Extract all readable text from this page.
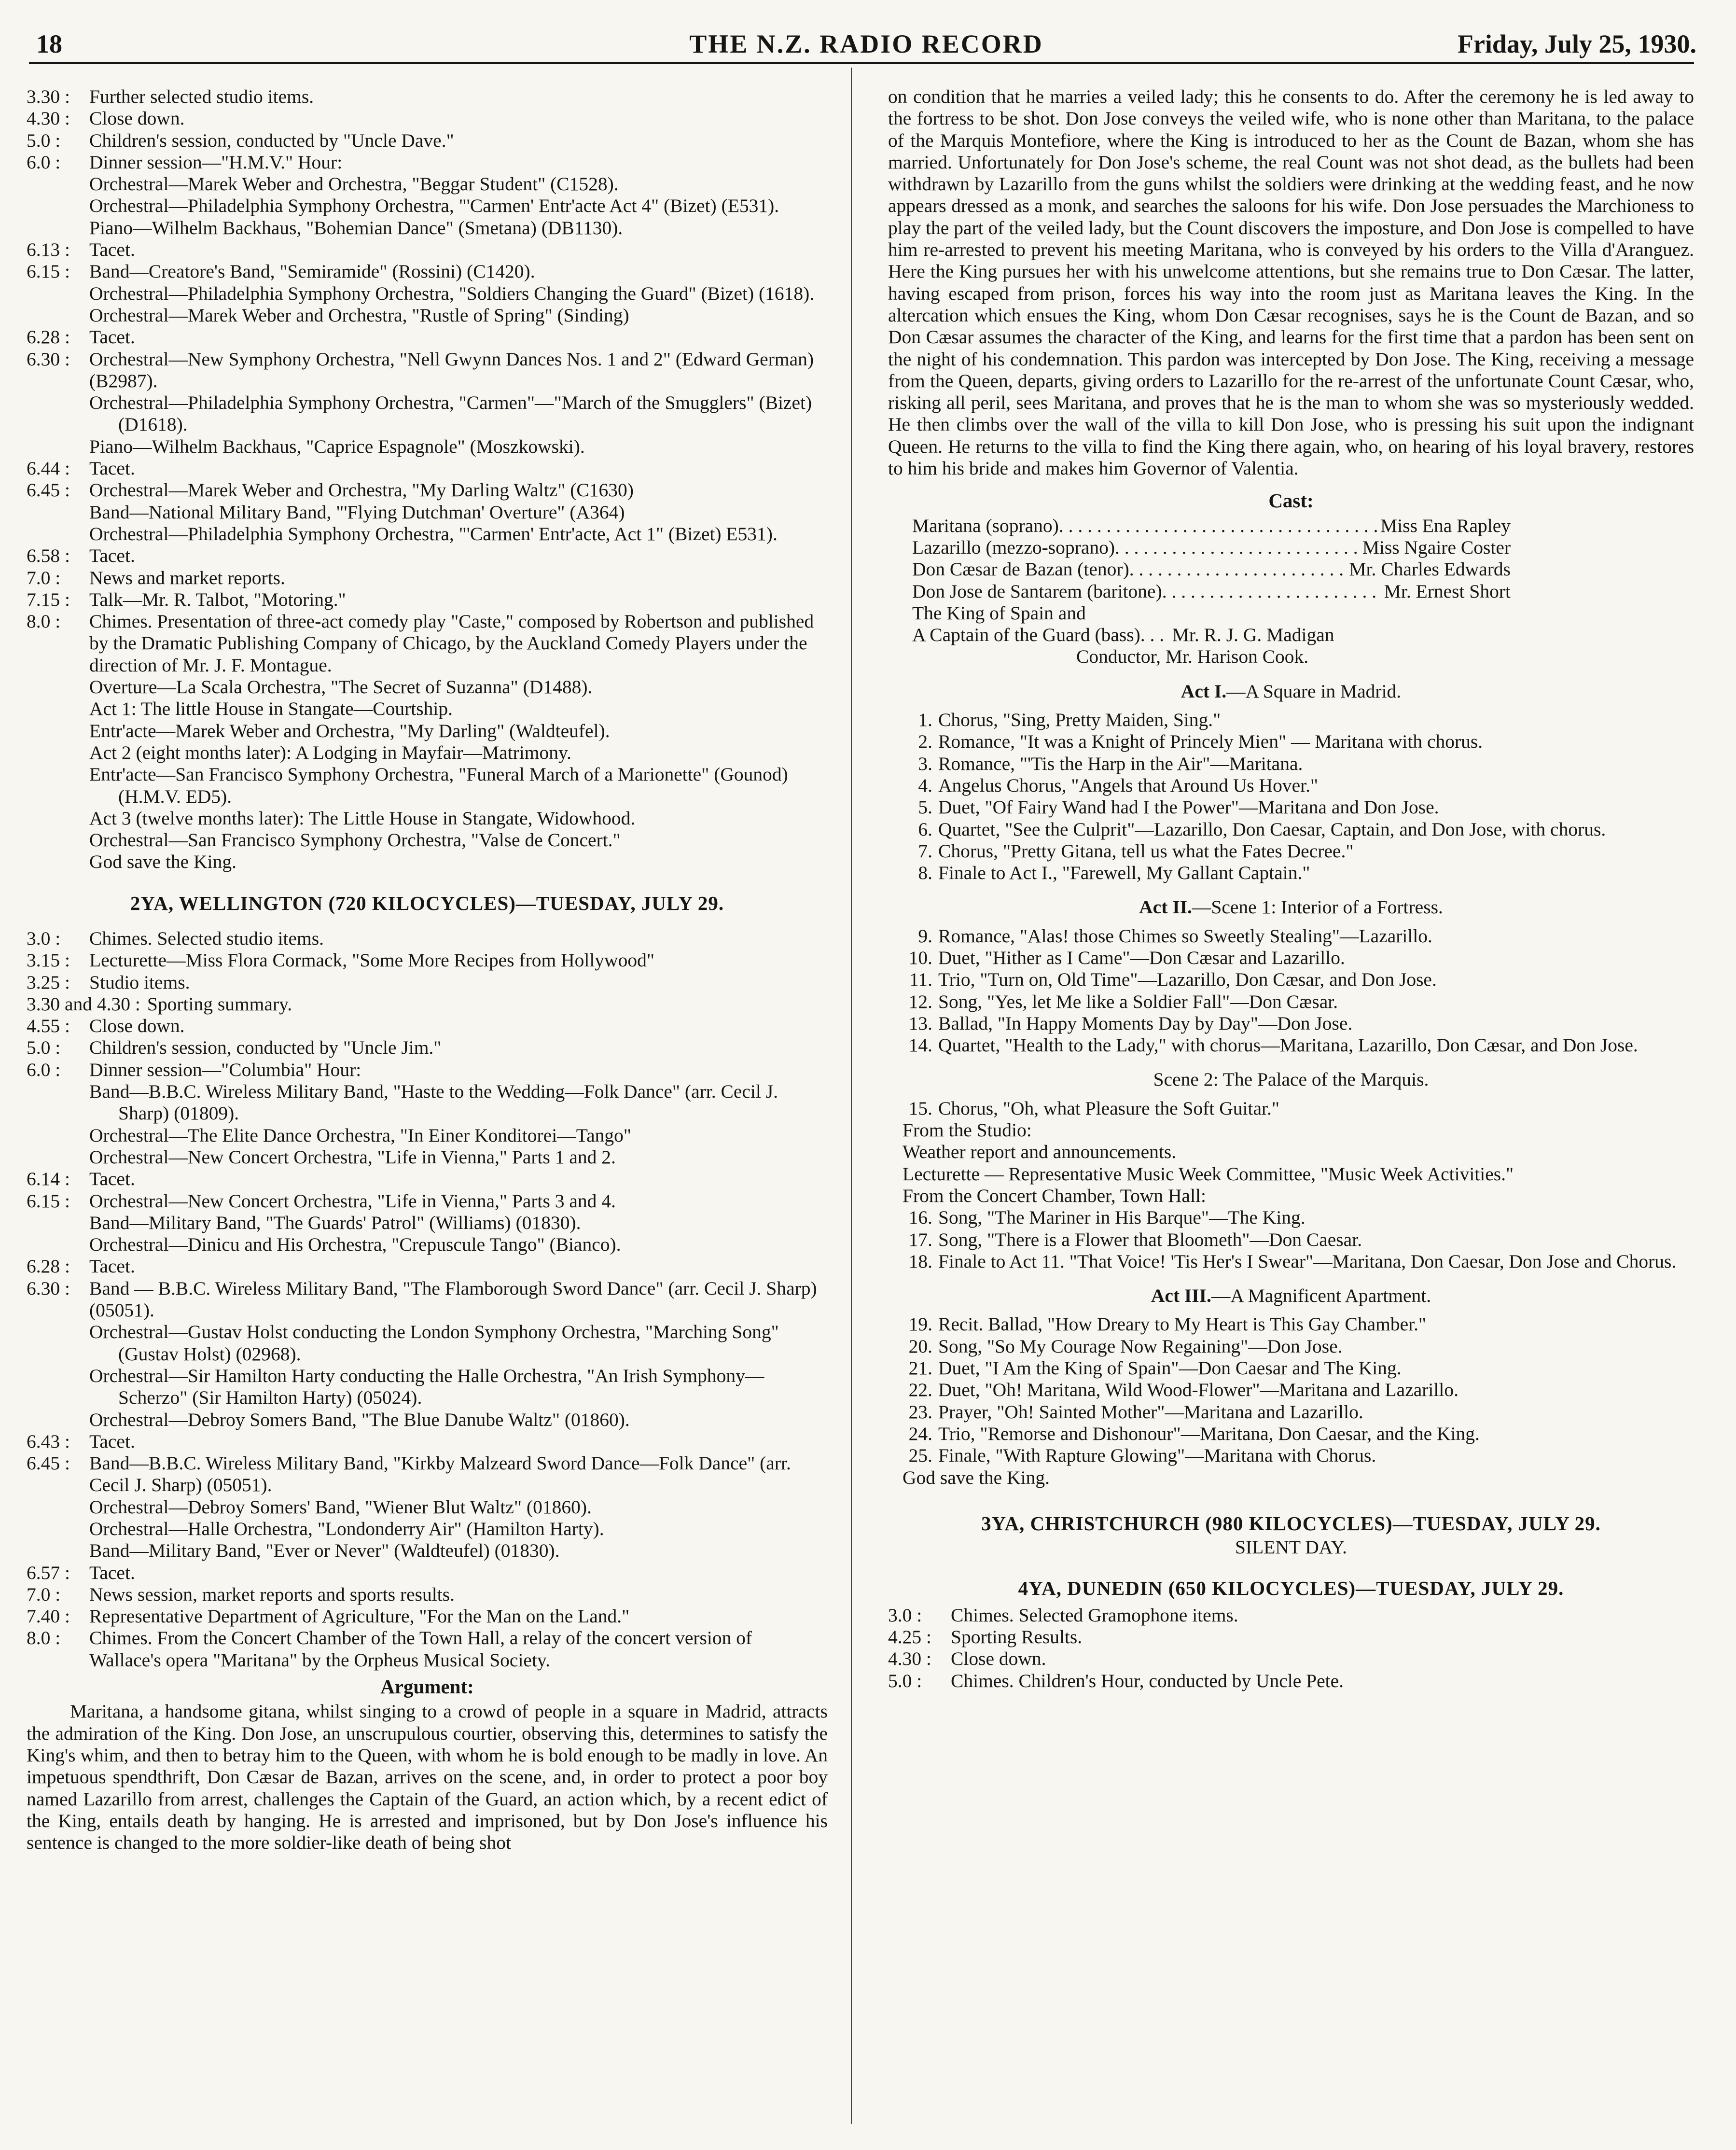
18	THE N.Z. RADIO RECORD	Friday, July 25, 1930.
3.30 :	Further selected studio items.
4.30 :	Close down.
5.0 :	Children's session, conducted by "Uncle Dave."
6.0 :	Dinner session—"H.M.V." Hour:
Orchestral—Marek Weber and Orchestra, "Beggar Student" (C1528).
Orchestral—Philadelphia Symphony Orchestra, "'Carmen' Entr'acte Act 4" (Bizet) (E531).
Piano—Wilhelm Backhaus, "Bohemian Dance" (Smetana) (DB1130).
6.13 :	Tacet.
6.15 :	Band—Creatore's Band, "Semiramide" (Rossini) (C1420).
Orchestral—Philadelphia Symphony Orchestra, "Soldiers Changing the Guard" (Bizet) (1618).
Orchestral—Marek Weber and Orchestra, "Rustle of Spring" (Sinding)
6.28 :	Tacet.
6.30 :	Orchestral—New Symphony Orchestra, "Nell Gwynn Dances Nos. 1 and 2" (Edward German) (B2987).
Orchestral—Philadelphia Symphony Orchestra, "Carmen"—"March of the Smugglers" (Bizet) (D1618).
Piano—Wilhelm Backhaus, "Caprice Espagnole" (Moszkowski).
6.44 :	Tacet.
6.45 :	Orchestral—Marek Weber and Orchestra, "My Darling Waltz" (C1630)
Band—National Military Band, "'Flying Dutchman' Overture" (A364)
Orchestral—Philadelphia Symphony Orchestra, "'Carmen' Entr'acte, Act 1" (Bizet) E531).
6.58 :	Tacet.
7.0 :	News and market reports.
7.15 :	Talk—Mr. R. Talbot, "Motoring."
8.0 :	Chimes. Presentation of three-act comedy play "Caste," composed by Robertson and published by the Dramatic Publishing Company of Chicago, by the Auckland Comedy Players under the direction of Mr. J. F. Montague.
Overture—La Scala Orchestra, "The Secret of Suzanna" (D1488).
Act 1: The little House in Stangate—Courtship.
Entr'acte—Marek Weber and Orchestra, "My Darling" (Waldteufel).
Act 2 (eight months later): A Lodging in Mayfair—Matrimony.
Entr'acte—San Francisco Symphony Orchestra, "Funeral March of a Marionette" (Gounod) (H.M.V. ED5).
Act 3 (twelve months later): The Little House in Stangate, Widowhood.
Orchestral—San Francisco Symphony Orchestra, "Valse de Concert."
God save the King.
2YA, WELLINGTON (720 KILOCYCLES)—TUESDAY, JULY 29.
3.0 :	Chimes. Selected studio items.
3.15 :	Lecturette—Miss Flora Cormack, "Some More Recipes from Hollywood"
3.25 :	Studio items.
3.30 and 4.30 : Sporting summary.
4.55 :	Close down.
5.0 :	Children's session, conducted by "Uncle Jim."
6.0 :	Dinner session—"Columbia" Hour:
Band—B.B.C. Wireless Military Band, "Haste to the Wedding—Folk Dance" (arr. Cecil J. Sharp) (01809).
Orchestral—The Elite Dance Orchestra, "In Einer Konditorei—Tango"
Orchestral—New Concert Orchestra, "Life in Vienna," Parts 1 and 2.
6.14 :	Tacet.
6.15 :	Orchestral—New Concert Orchestra, "Life in Vienna," Parts 3 and 4.
Band—Military Band, "The Guards' Patrol" (Williams) (01830).
Orchestral—Dinicu and His Orchestra, "Crepuscule Tango" (Bianco).
6.28 :	Tacet.
6.30 :	Band — B.B.C. Wireless Military Band, "The Flamborough Sword Dance" (arr. Cecil J. Sharp) (05051).
Orchestral—Gustav Holst conducting the London Symphony Orchestra, "Marching Song" (Gustav Holst) (02968).
Orchestral—Sir Hamilton Harty conducting the Halle Orchestra, "An Irish Symphony—Scherzo" (Sir Hamilton Harty) (05024).
Orchestral—Debroy Somers Band, "The Blue Danube Waltz" (01860).
6.43 :	Tacet.
6.45 :	Band—B.B.C. Wireless Military Band, "Kirkby Malzeard Sword Dance—Folk Dance" (arr. Cecil J. Sharp) (05051).
Orchestral—Debroy Somers' Band, "Wiener Blut Waltz" (01860).
Orchestral—Halle Orchestra, "Londonderry Air" (Hamilton Harty).
Band—Military Band, "Ever or Never" (Waldteufel) (01830).
6.57 :	Tacet.
7.0 :	News session, market reports and sports results.
7.40 :	Representative Department of Agriculture, "For the Man on the Land."
8.0 :	Chimes. From the Concert Chamber of the Town Hall, a relay of the concert version of Wallace's opera "Maritana" by the Orpheus Musical Society.
Argument:
Maritana, a handsome gitana, whilst singing to a crowd of people in a square in Madrid, attracts the admiration of the King. Don Jose, an unscrupulous courtier, observing this, determines to satisfy the King's whim, and then to betray him to the Queen, with whom he is bold enough to be madly in love. An impetuous spendthrift, Don Cæsar de Bazan, arrives on the scene, and, in order to protect a poor boy named Lazarillo from arrest, challenges the Captain of the Guard, an action which, by a recent edict of the King, entails death by hanging. He is arrested and imprisoned, but by Don Jose's influence his sentence is changed to the more soldier-like death of being shot
on condition that he marries a veiled lady; this he consents to do. After the ceremony he is led away to the fortress to be shot. Don Jose conveys the veiled wife, who is none other than Maritana, to the palace of the Marquis Montefiore, where the King is introduced to her as the Count de Bazan, whom she has married. Unfortunately for Don Jose's scheme, the real Count was not shot dead, as the bullets had been withdrawn by Lazarillo from the guns whilst the soldiers were drinking at the wedding feast, and he now appears dressed as a monk, and searches the saloons for his wife. Don Jose persuades the Marchioness to play the part of the veiled lady, but the Count discovers the imposture, and Don Jose is compelled to have him re-arrested to prevent his meeting Maritana, who is conveyed by his orders to the Villa d'Aranguez. Here the King pursues her with his unwelcome attentions, but she remains true to Don Cæsar. The latter, having escaped from prison, forces his way into the room just as Maritana leaves the King. In the altercation which ensues the King, whom Don Cæsar recognises, says he is the Count de Bazan, and so Don Cæsar assumes the character of the King, and learns for the first time that a pardon has been sent on the night of his condemnation. This pardon was intercepted by Don Jose. The King, receiving a message from the Queen, departs, giving orders to Lazarillo for the re-arrest of the unfortunate Count Cæsar, who, risking all peril, sees Maritana, and proves that he is the man to whom she was so mysteriously wedded. He then climbs over the wall of the villa to kill Don Jose, who is pressing his suit upon the indignant Queen. He returns to the villa to find the King there again, who, on hearing of his loyal bravery, restores to him his bride and makes him Governor of Valentia.
Cast:
Maritana (soprano) . . .	Miss Ena Rapley
Lazarillo (mezzo-soprano) . . .	Miss Ngaire Coster
Don Cæsar de Bazan (tenor) . . .	Mr. Charles Edwards
Don Jose de Santarem (baritone) . . .	Mr. Ernest Short
The King of Spain and
A Captain of the Guard (bass) . . . Mr. R. J. G. Madigan
Conductor, Mr. Harison Cook.
Act I.—A Square in Madrid.
1. Chorus, "Sing, Pretty Maiden, Sing."
2. Romance, "It was a Knight of Princely Mien" — Maritana with chorus.
3. Romance, "'Tis the Harp in the Air"—Maritana.
4. Angelus Chorus, "Angels that Around Us Hover."
5. Duet, "Of Fairy Wand had I the Power"—Maritana and Don Jose.
6. Quartet, "See the Culprit"—Lazarillo, Don Caesar, Captain, and Don Jose, with chorus.
7. Chorus, "Pretty Gitana, tell us what the Fates Decree."
8. Finale to Act I., "Farewell, My Gallant Captain."
Act II.—Scene 1: Interior of a Fortress.
9. Romance, "Alas! those Chimes so Sweetly Stealing"—Lazarillo.
10. Duet, "Hither as I Came"—Don Cæsar and Lazarillo.
11. Trio, "Turn on, Old Time"—Lazarillo, Don Cæsar, and Don Jose.
12. Song, "Yes, let Me like a Soldier Fall"—Don Cæsar.
13. Ballad, "In Happy Moments Day by Day"—Don Jose.
14. Quartet, "Health to the Lady," with chorus—Maritana, Lazarillo, Don Cæsar, and Don Jose.
Scene 2: The Palace of the Marquis.
15. Chorus, "Oh, what Pleasure the Soft Guitar."
From the Studio:
Weather report and announcements.
Lecturette — Representative Music Week Committee, "Music Week Activities."
From the Concert Chamber, Town Hall:
16. Song, "The Mariner in His Barque"—The King.
17. Song, "There is a Flower that Bloometh"—Don Caesar.
18. Finale to Act 11. "That Voice! 'Tis Her's I Swear"—Maritana, Don Caesar, Don Jose and Chorus.
Act III.—A Magnificent Apartment.
19. Recit. Ballad, "How Dreary to My Heart is This Gay Chamber."
20. Song, "So My Courage Now Regaining"—Don Jose.
21. Duet, "I Am the King of Spain"—Don Caesar and The King.
22. Duet, "Oh! Maritana, Wild Wood-Flower"—Maritana and Lazarillo.
23. Prayer, "Oh! Sainted Mother"—Maritana and Lazarillo.
24. Trio, "Remorse and Dishonour"—Maritana, Don Caesar, and the King.
25. Finale, "With Rapture Glowing"—Maritana with Chorus.
God save the King.
3YA, CHRISTCHURCH (980 KILOCYCLES)—TUESDAY, JULY 29.
SILENT DAY.
4YA, DUNEDIN (650 KILOCYCLES)—TUESDAY, JULY 29.
3.0 :	Chimes. Selected Gramophone items.
4.25 :	Sporting Results.
4.30 :	Close down.
5.0 :	Chimes. Children's Hour, conducted by Uncle Pete.
